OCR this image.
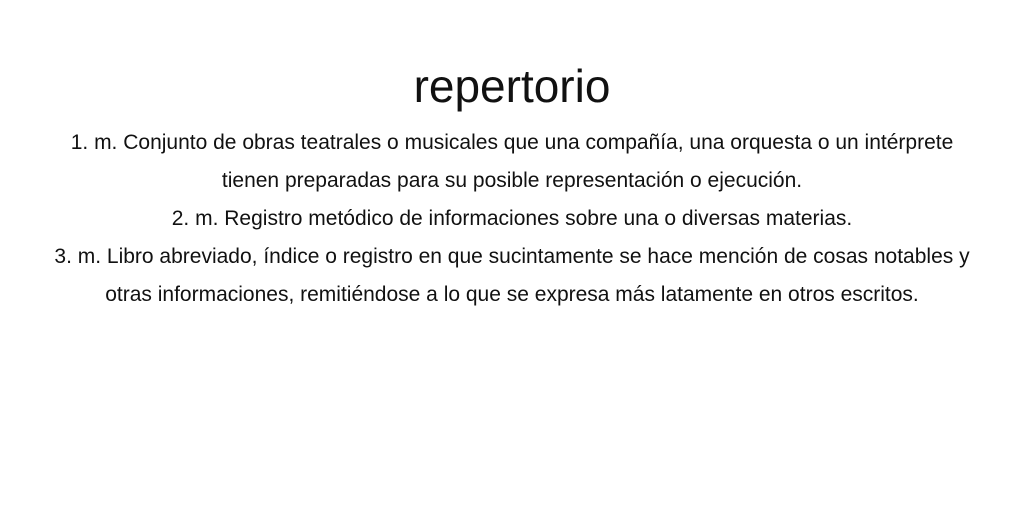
repertorio

1. m. Conjunto de obras teatrales o musicales que una compañía, una orquesta o un intérprete tienen preparadas para su posible representación o ejecución.

2. m. Registro metódico de informaciones sobre una o diversas materias.

3. m. Libro abreviado, índice o registro en que sucintamente se hace mención de cosas notables y otras informaciones, remitiéndose a lo que se expresa más latamente en otros escritos.
